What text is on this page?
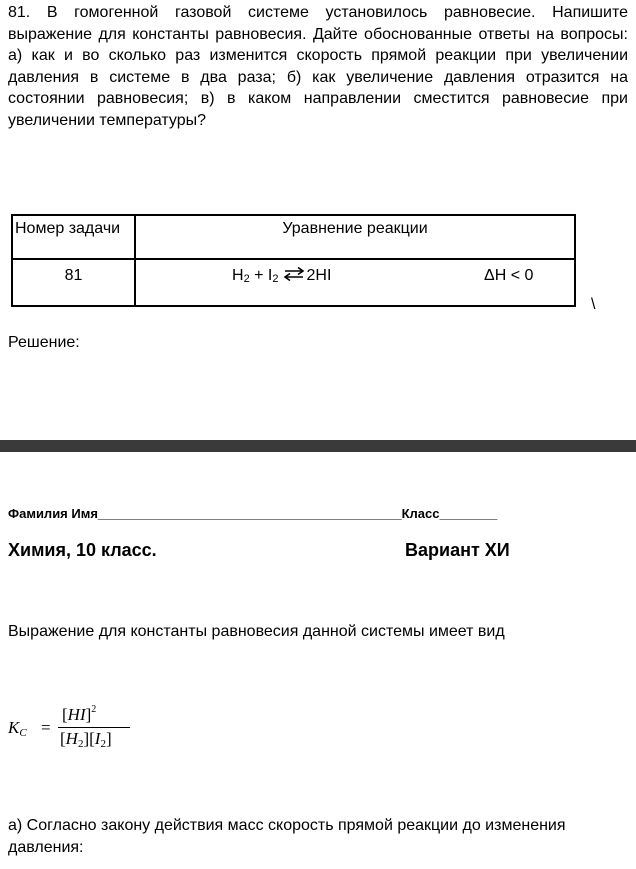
81. В гомогенной газовой системе установилось равновесие. Напишите выражение для константы равновесия. Дайте обоснованные ответы на вопросы: а) как и во сколько раз изменится скорость прямой реакции при увеличении давления в системе в два раза; б) как увеличение давления отразится на состоянии равновесия; в) в каком направлении сместится равновесие при увеличении температуры?
Номер задачи	Уравнение реакции
81	$H_2 + I_2$ ⇌ 2HI ΔH < 0
\
Решение:
Фамилия Имя__________________________________________Класс________
Химия, 10 класс.	Вариант ХИ
Выражение для константы равновесия данной системы имеет вид
$K_C$ =
[HI]$^2$
$[H_2][I_2]$
а) Согласно закону действия масс скорость прямой реакции до изменения давления:
